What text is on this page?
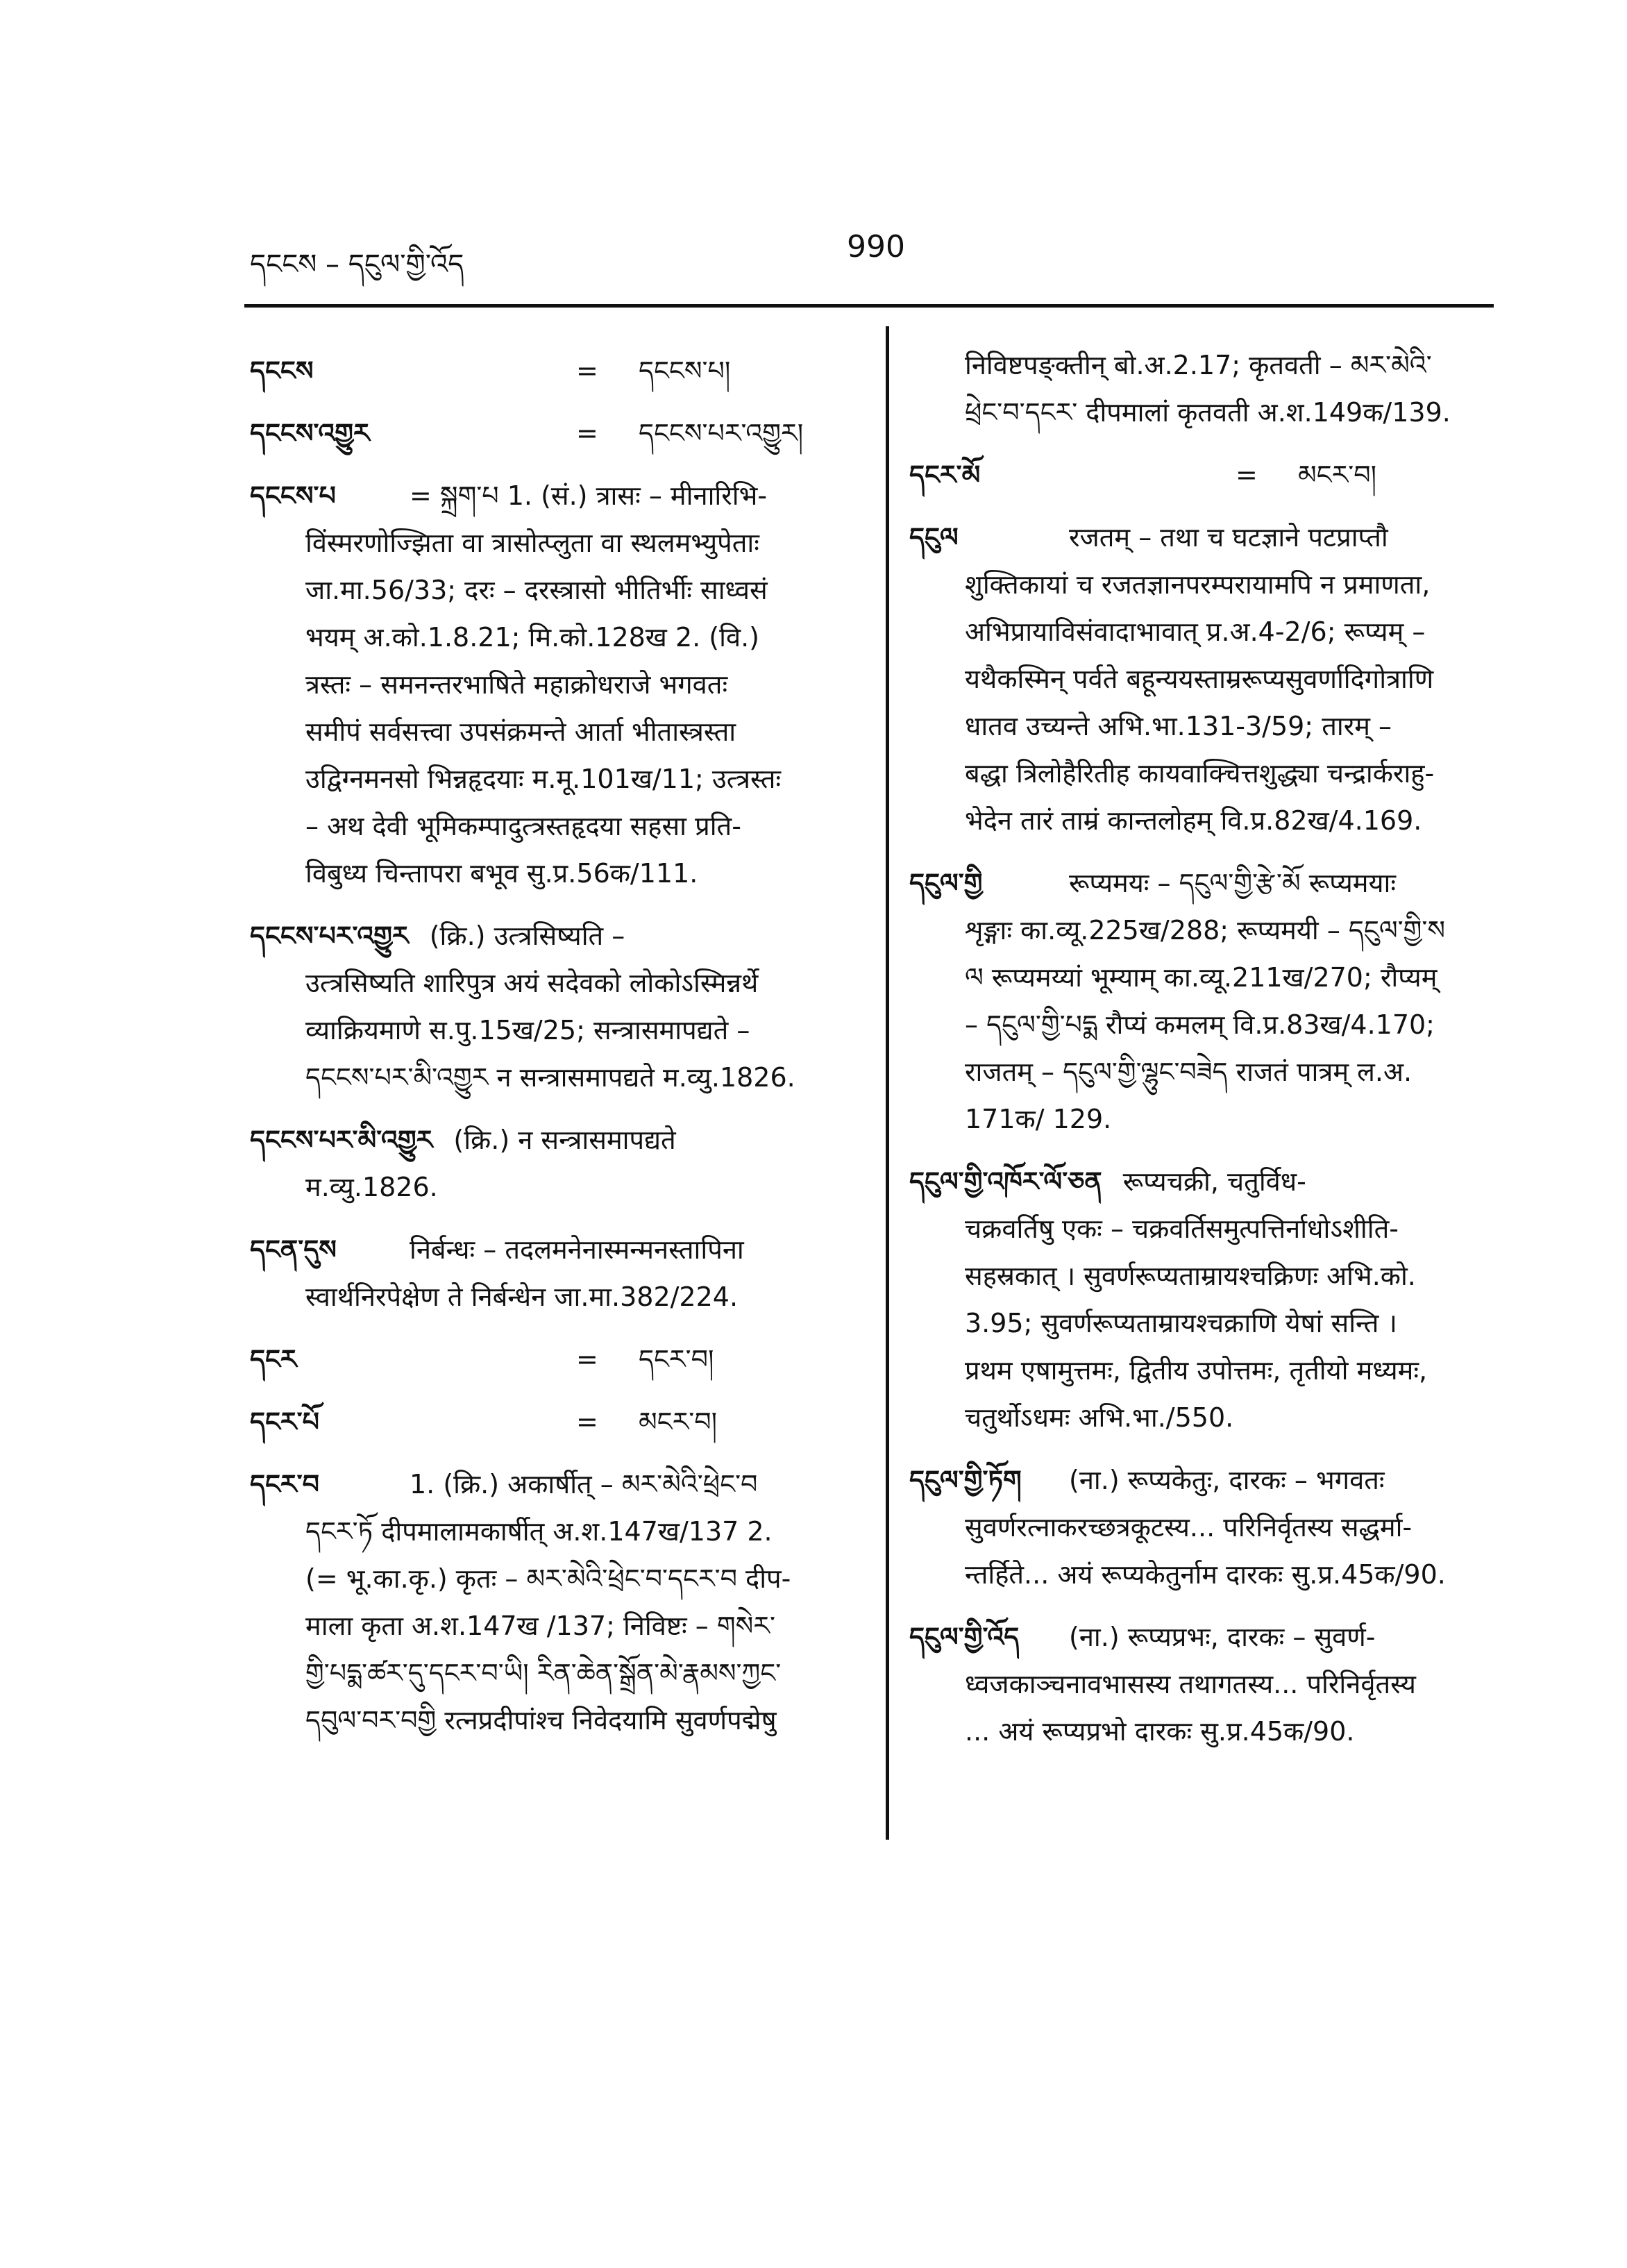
དངངས – དངུལ་གྱི་འོད	990
དངངས	= དངངས་པ།
དངངས་འགྱུར	= དངངས་པར་འགྱུར།
དངངས་པ	= སྐྲག་པ 1. (सं.) त्रासः – मीनारिभि-
विंस्मरणोज्झिता वा त्रासोत्प्लुता वा स्थलमभ्युपेताः
जा.मा.56/33; दरः – दरस्त्रासो भीतिर्भीः साध्वसं
भयम् अ.को.1.8.21; मि.को.128ख 2. (वि.)
त्रस्तः – समनन्तरभाषिते महाक्रोधराजे भगवतः
समीपं सर्वसत्त्वा उपसंक्रमन्ते आर्ता भीतास्त्रस्ता
उद्विग्नमनसो भिन्नहृदयाः म.मू.101ख/11; उत्त्रस्तः
– अथ देवी भूमिकम्पादुत्त्रस्तहृदया सहसा प्रति-
विबुध्य चिन्तापरा बभूव सु.प्र.56क/111.
དངངས་པར་འགྱུར (क्रि.) उत्त्रसिष्यति –
उत्त्रसिष्यति शारिपुत्र अयं सदेवको लोकोऽस्मिन्नर्थे
व्याक्रियमाणे स.पु.15ख/25; सन्त्रासमापद्यते –
དངངས་པར་མི་འགྱུར न सन्त्रासमापद्यते म.व्यु.1826.
དངངས་པར་མི་འགྱུར (क्रि.) न सन्त्रासमापद्यते
म.व्यु.1826.
དངན་དུས	निर्बन्धः – तदलमनेनास्मन्मनस्तापिना
स्वार्थनिरपेक्षेण ते निर्बन्धेन जा.मा.382/224.
དངར	= དངར་བ།
དངར་པོ	= མངར་བ།
དངར་བ	1. (क्रि.) अकार्षीत् – མར་མེའི་ཕྲེང་བ
དངར་ཏོ दीपमालामकार्षीत् अ.श.147ख/137 2.
(= भू.का.कृ.) कृतः – མར་མེའི་ཕྲེང་བ་དངར་བ दीप-
माला कृता अ.श.147ख /137; निविष्टः – གསེར་
གྱི་པདྨ་ཚར་དུ་དངར་བ་ཡི། རིན་ཆེན་སྒྲོན་མེ་རྣམས་ཀྱང་
དབུལ་བར་བགྱི रत्नप्रदीपांश्च निवेदयामि सुवर्णपद्मेषु
निविष्टपङ्क्तीन् बो.अ.2.17; कृतवती – མར་མེའི་
ཕྲེང་བ་དངར་ दीपमालां कृतवती अ.श.149क/139.
དངར་མོ	= མངར་བ།
དངུལ	रजतम् – तथा च घटज्ञाने पटप्राप्तौ
शुक्तिकायां च रजतज्ञानपरम्परायामपि न प्रमाणता,
अभिप्रायाविसंवादाभावात् प्र.अ.4-2/6; रूप्यम् –
यथैकस्मिन् पर्वते बहून्ययस्ताम्ररूप्यसुवर्णादिगोत्राणि
धातव उच्यन्ते अभि.भा.131-3/59; तारम् –
बद्धा त्रिलोहैरितीह कायवाक्चित्तशुद्ध्या चन्द्रार्कराहु-
भेदेन तारं ताम्रं कान्तलोहम् वि.प्र.82ख/4.169.
དངུལ་གྱི	रूप्यमयः – དངུལ་གྱི་རྩེ་མོ रूप्यमयाः
शृङ्गाः का.व्यू.225ख/288; रूप्यमयी – དངུལ་གྱི་ས
ལ रूप्यमय्यां भूम्याम् का.व्यू.211ख/270; रौप्यम्
– དངུལ་གྱི་པདྨ रौप्यं कमलम् वि.प्र.83ख/4.170;
राजतम् – དངུལ་གྱི་ལྷུང་བཟེད राजतं पात्रम् ल.अ.
171क/ 129.
དངུལ་གྱི་འཁོར་ལོ་ཅན रूप्यचक्री, चतुर्विध-
चक्रवर्तिषु एकः – चक्रवर्तिसमुत्पत्तिर्नाधोऽशीति-
सहस्रकात् । सुवर्णरूप्यताम्रायश्चक्रिणः अभि.को.
3.95; सुवर्णरूप्यताम्रायश्चक्राणि येषां सन्ति ।
प्रथम एषामुत्तमः, द्वितीय उपोत्तमः, तृतीयो मध्यमः,
चतुर्थोऽधमः अभि.भा./550.
དངུལ་གྱི་ཏོག (ना.) रूप्यकेतुः, दारकः – भगवतः
सुवर्णरत्नाकरच्छत्रकूटस्य... परिनिर्वृतस्य सद्धर्मा-
न्तर्हिते... अयं रूप्यकेतुर्नाम दारकः सु.प्र.45क/90.
དངུལ་གྱི་འོད (ना.) रूप्यप्रभः, दारकः – सुवर्ण-
ध्वजकाञ्चनावभासस्य तथागतस्य... परिनिर्वृतस्य
... अयं रूप्यप्रभो दारकः सु.प्र.45क/90.
